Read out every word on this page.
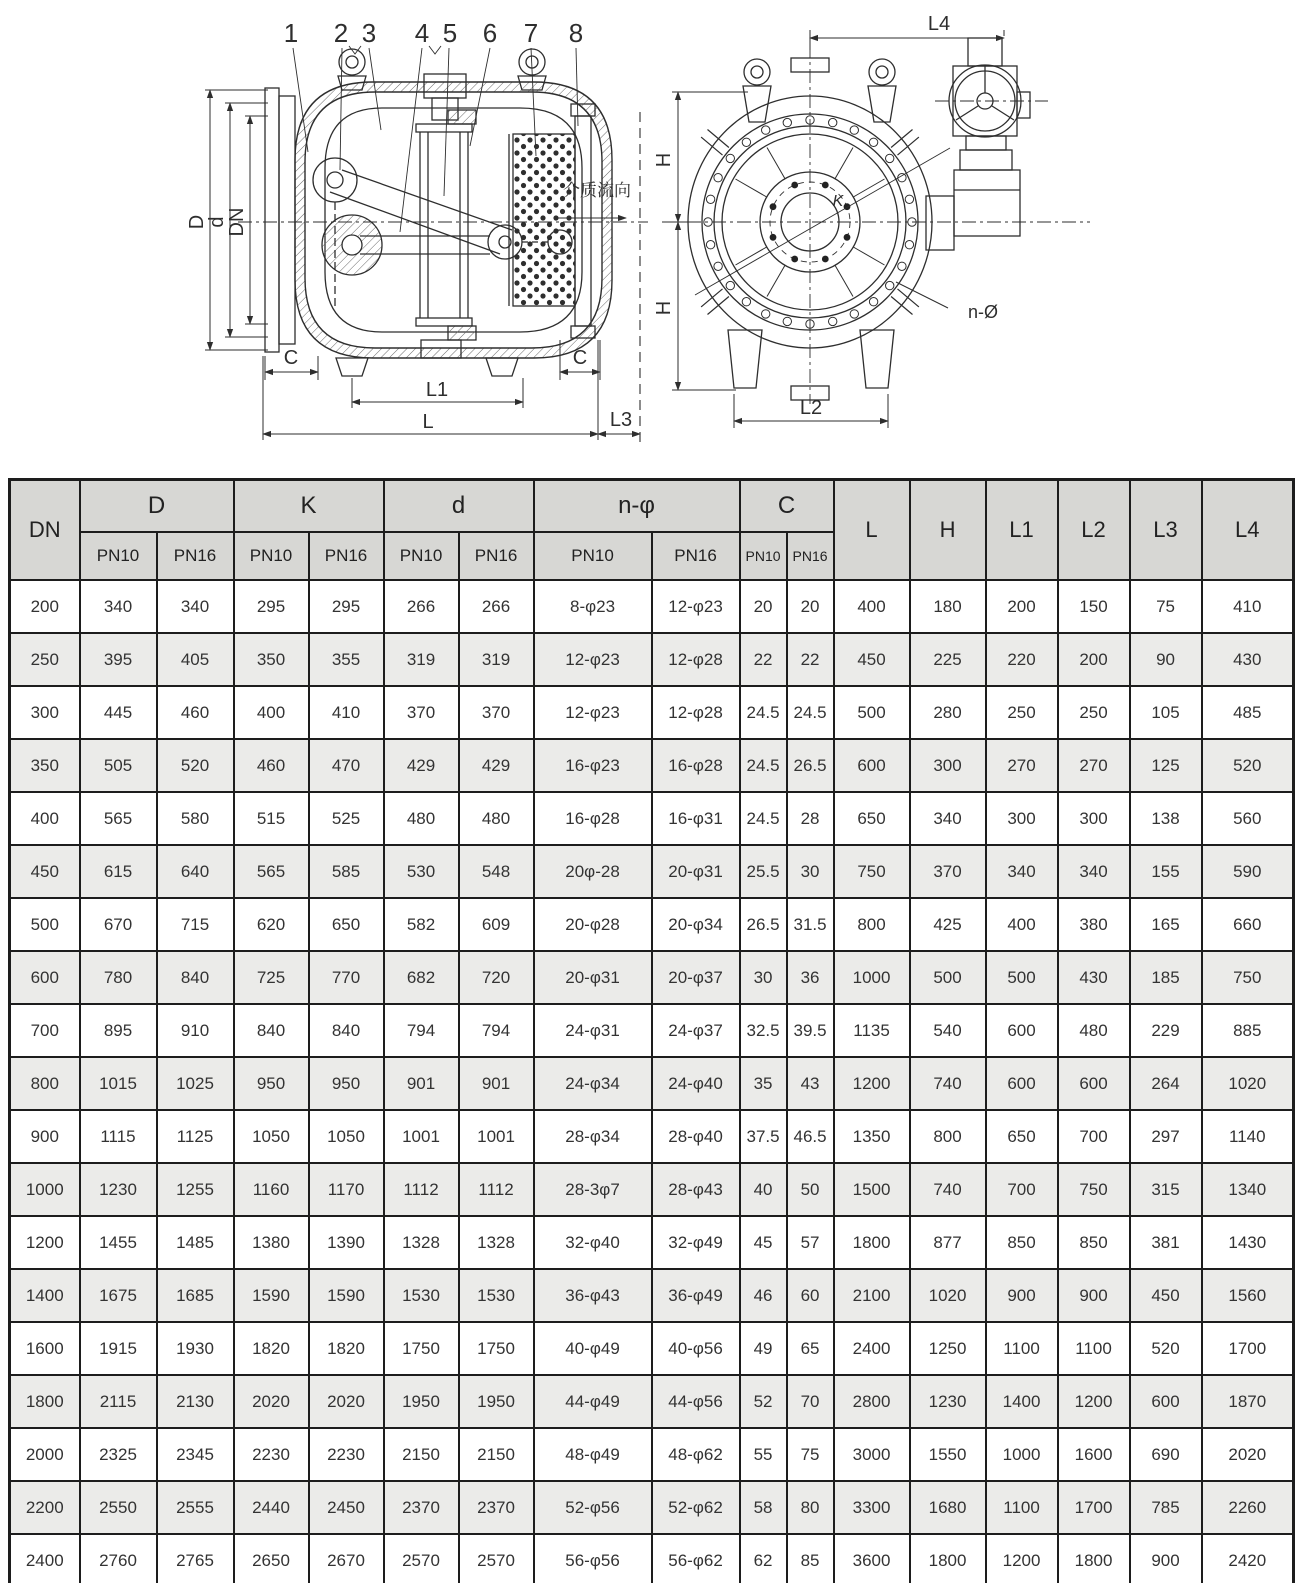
1 2 3 4 5 6 7 8
D
d
DN
C	C
L1
L	L3
介质流向
L4
H
H
L2
K
n-Ø
DN	D		K		d		n-φ		C		L	H	L1	L2	L3	L4
	PN10	PN16	PN10	PN16	PN10	PN16	PN10	PN16	PN10	PN16						
200	340	340	295	295	266	266	8-φ23	12-φ23	20	20	400	180	200	150	75	410
250	395	405	350	355	319	319	12-φ23	12-φ28	22	22	450	225	220	200	90	430
300	445	460	400	410	370	370	12-φ23	12-φ28	24.5	24.5	500	280	250	250	105	485
350	505	520	460	470	429	429	16-φ23	16-φ28	24.5	26.5	600	300	270	270	125	520
400	565	580	515	525	480	480	16-φ28	16-φ31	24.5	28	650	340	300	300	138	560
450	615	640	565	585	530	548	20φ-28	20-φ31	25.5	30	750	370	340	340	155	590
500	670	715	620	650	582	609	20-φ28	20-φ34	26.5	31.5	800	425	400	380	165	660
600	780	840	725	770	682	720	20-φ31	20-φ37	30	36	1000	500	500	430	185	750
700	895	910	840	840	794	794	24-φ31	24-φ37	32.5	39.5	1135	540	600	480	229	885
800	1015	1025	950	950	901	901	24-φ34	24-φ40	35	43	1200	740	600	600	264	1020
900	1115	1125	1050	1050	1001	1001	28-φ34	28-φ40	37.5	46.5	1350	800	650	700	297	1140
1000	1230	1255	1160	1170	1112	1112	28-3φ7	28-φ43	40	50	1500	740	700	750	315	1340
1200	1455	1485	1380	1390	1328	1328	32-φ40	32-φ49	45	57	1800	877	850	850	381	1430
1400	1675	1685	1590	1590	1530	1530	36-φ43	36-φ49	46	60	2100	1020	900	900	450	1560
1600	1915	1930	1820	1820	1750	1750	40-φ49	40-φ56	49	65	2400	1250	1100	1100	520	1700
1800	2115	2130	2020	2020	1950	1950	44-φ49	44-φ56	52	70	2800	1230	1400	1200	600	1870
2000	2325	2345	2230	2230	2150	2150	48-φ49	48-φ62	55	75	3000	1550	1000	1600	690	2020
2200	2550	2555	2440	2450	2370	2370	52-φ56	52-φ62	58	80	3300	1680	1100	1700	785	2260
2400	2760	2765	2650	2670	2570	2570	56-φ56	56-φ62	62	85	3600	1800	1200	1800	900	2420
